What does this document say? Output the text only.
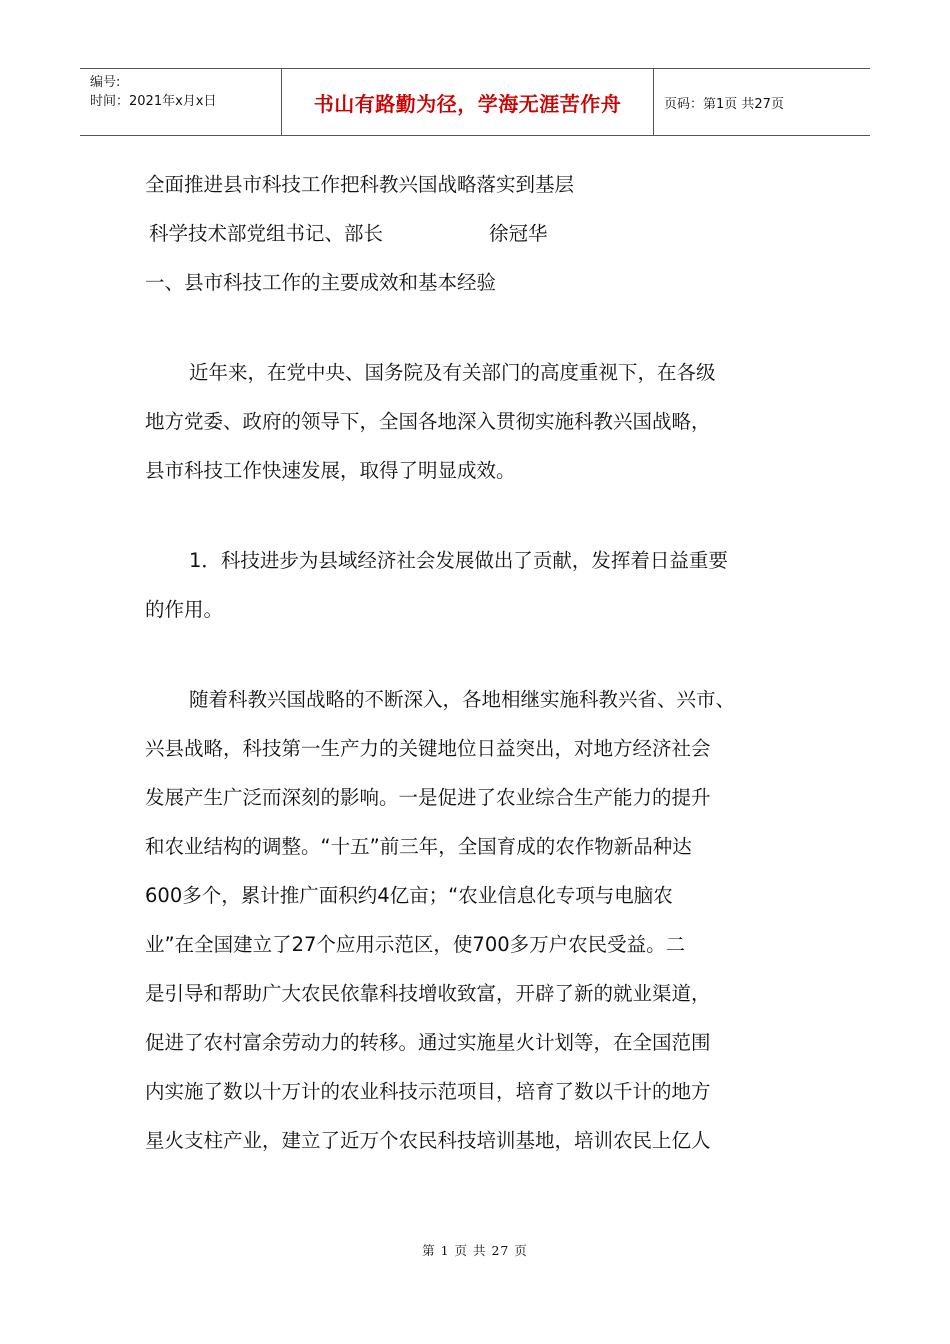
编号:
时间：2021年x月x日	书山有路勤为径，学海无涯苦作舟	页码：第1页 共27页
全面推进县市科技工作把科教兴国战略落实到基层
科学技术部党组书记、部长	徐冠华
一、县市科技工作的主要成效和基本经验
近年来，在党中央、国务院及有关部门的高度重视下，在各级
地方党委、政府的领导下，全国各地深入贯彻实施科教兴国战略，
县市科技工作快速发展，取得了明显成效。
1．科技进步为县域经济社会发展做出了贡献，发挥着日益重要
的作用。
随着科教兴国战略的不断深入，各地相继实施科教兴省、兴市、
兴县战略，科技第一生产力的关键地位日益突出，对地方经济社会
发展产生广泛而深刻的影响。一是促进了农业综合生产能力的提升
和农业结构的调整。“十五”前三年，全国育成的农作物新品种达
600多个，累计推广面积约4亿亩；“农业信息化专项与电脑农
业”在全国建立了27个应用示范区，使700多万户农民受益。二
是引导和帮助广大农民依靠科技增收致富，开辟了新的就业渠道，
促进了农村富余劳动力的转移。通过实施星火计划等，在全国范围
内实施了数以十万计的农业科技示范项目，培育了数以千计的地方
星火支柱产业，建立了近万个农民科技培训基地，培训农民上亿人
第 1 页 共 27 页
